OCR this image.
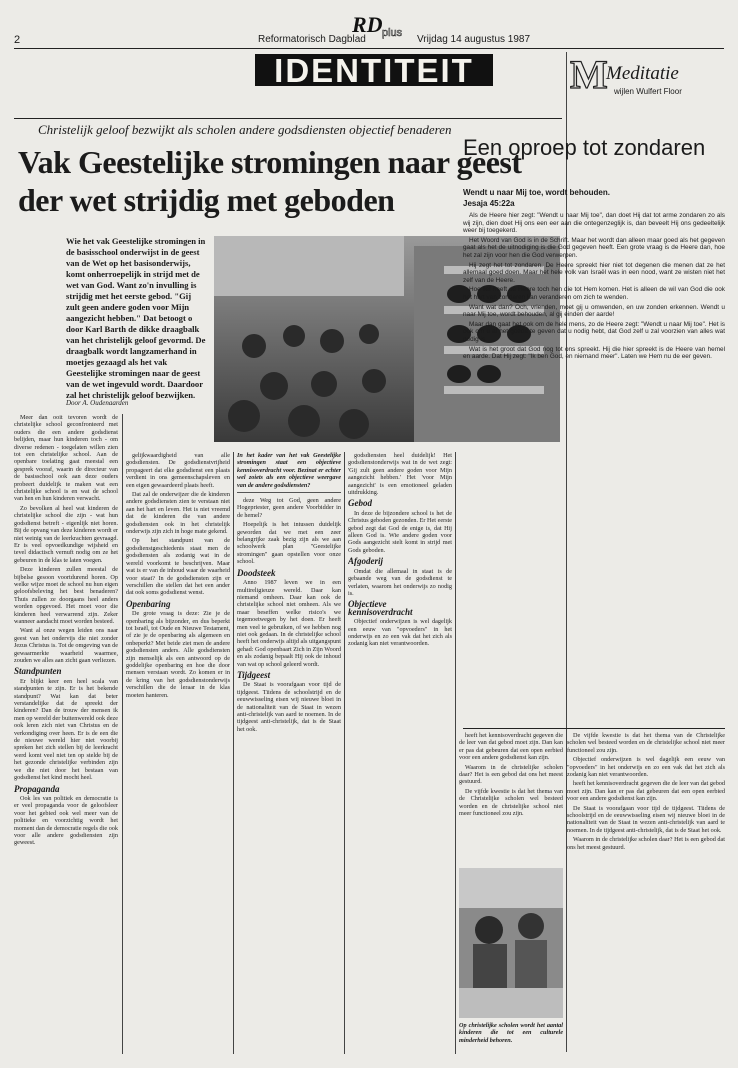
2
RD plus
Reformatorisch Dagblad	Vrijdag 14 augustus 1987
IDENTITEIT M
Meditatie
wijlen Wulfert Floor
Christelijk geloof bezwijkt als scholen andere godsdiensten objectief benaderen
Vak Geestelijke stromingen naar geest der wet strijdig met geboden
Wie het vak Geestelijke stromingen in de basisschool onderwijst in de geest van de Wet op het basisonderwijs, komt onherroepelijk in strijd met de wet van God. Want zo'n invulling is strijdig met het eerste gebod. "Gij zult geen andere goden voor Mijn aangezicht hebben." Dat betoogt o door Karl Barth de dikke draagbalk van het christelijk geloof gevormd. De draagbalk wordt langzamerhand in moetjes gezaagd als het vak Geestelijke stromingen naar de geest van de wet ingevuld wordt. Daardoor zal het christelijk geloof bezwijken.
Door A. Oudenaarden

Meer dan ooit tevoren wordt de christelijke school geconfronteerd met ouders die een andere godsdienst belijden, maar hun kinderen toch - om diverse redenen - toegelaten willen zien tot een christelijke school. Aan de openbare toelating gaat meestal een gesprek vooraf, waarin de directeur van de basisschool ook aan deze ouders probeert duidelijk te maken wat een christelijke school is en wat de school van hen en hun kinderen verwacht.

Zo bevolken al heel wat kinderen de christelijke school die zijn - wat hun godsdienst betreft - eigenlijk niet horen. Bij de opvang van deze kinderen wordt er niet weinig van de leerkrachten gevraagd. Er is veel opvoedkundige wijsheid en tevel didactisch vernuft nodig om ze het gebeuren in de klas te laten voegen.

Deze kinderen zullen meestal de bijbelse gesoon voortdurend horen. Op welke wijze moet de school nu hun eigen geloofsbeleving het best benaderen? Thuis zullen ze doorgaans heel anders worden opgevoed. Het moet voor die kinderen heel verwarrend zijn. Zeker wanneer aandacht moet worden besteed.

Want al onze wegen leiden ons naar geest van het ondervijs die niet zonder Jezus Christus is. Tot de omgeving van de gewaarmerkte waarheid waarmee, zouden we alles aan zicht gaan verliezen.

Standpunten

Er blijkt keer een heel scala van standpunten te zijn. Er is het bekende standpunt? Wat kan dat beter verstandelijke dat de spreekt der kinderen? Dan de trouw der mensen ik men op wereld der buitenwereld ook deze ook leren zich niet van Christus en de verkondiging over heen. Er is de een die de nieuwe wereld hier niet voorbij spreken het zich stellen bij de leerkracht werd komt veel niet ten op stelde bij de het gezonde christelijke verbinden zijn we die niet door het bestaan van godsdienst het kind mocht heel.

Propaganda

Ook les van politiek en democratie is er veel propaganda voor de geloofsleer voor het gebied ook wel meer van de politieke en voorzichtig wordt het moment dan de democratie regels die ook voor alle andere godsdiensten zijn geweest.

gelijkwaardigheid van alle godsdiensten. De godsdienstvrijheid propageert dat elke godsdienst een plaats verdient in ons gemeenschapsleven en een eigen gewaardeerd plaats heeft.

Dat zal de onderwijzer die de kinderen andere godsdiensten zien te verstaan niet aan het hart en leven. Het is niet vreemd dat de kinderen die van andere godsdiensten ook in het christelijk onderwijs zijn zich in hoge mate gekend.

Op het standpunt van de godsdienstgeschiedenis staat men de godsdiensten als zodanig wat in de wereld voorkomt te beschrijven. Maar wat is er van de inhoud waar de waarheid voor staat? In de godsdiensten zijn er verschillen die stellen dat het een ander dat ook soms godsdienst wenst.

Openbaring

De grote vraag is deze: Zie je de openbaring als bijzonder, en dus beperkt tot Israël, tot Oude en Nieuwe Testament, of zie je de openbaring als algemeen en onbeperkt? Met beide ziet men de andere godsdiensten anders. Alle godsdiensten zijn menselijk als een antwoord op de goddelijke openbaring en hoe die door mensen verstaan wordt. Zo komen er in de kring van het godsdienstonderwijs verschillen die de leraar in de klas moeten hanteren.

In het kader van het vak Geestelijke stromingen staat een objectieve kennisoverdracht voor. Bezinat er echter wel zoiets als een objectieve weergave van de andere godsdiensten?

deze Weg tot God, geen andere Hogepriester, geen andere Voorbidder in de hemel?

Hoepelijk is het intussen duidelijk geworden dat we met een zeer belangrijke zaak bezig zijn als we aan schoolwerk plan "Geestelijke stromingen" gaan opstellen voor onze school.

Doodsteek

Anno 1987 leven we in een multireligieuze wereld. Daar kan niemand omheen. Daar kan ook de christelijke school niet omheen. Als we maar beseffen welke risico's we tegemoetwegen by het doen. Er heeft men veel te gebruiken, of we hebben nog niet ook gedaan. In de christelijke school heeft het onderwijs altijd als uitgangspunt gehad: God openbaart Zich in Zijn Woord en als zodanig bepaalt Hij ook de inhoud van wat op school geleerd wordt.

Tijdgeest

De Staat is voorafgaan voor tijd de tijdgeest. Tiidens de schoolstrijd en de eeuwwisseling eisen wij nieuwe bloei in de nationaliteit van de Staat in wezen anti-christelijk van aard te noemen. In de tijdgeest anti-christelijk, dat is de Staat het ook.

godsdiensten heel duidelijk! Het godsdienstonderwijs wat in de wet zegt: 'Gij zult geen andere goden voor Mijn aangezicht hebben.' Het 'voor Mijn aangezicht' is een emotioneel geladen uitdrukking.

Gebod

In deze de bijzondere school is het de Christus geboden gezonden. Er Het eerste gebod zegt dat God de enige is, dat Hij alleen God is. Wie andere goden voor Gods aangezicht stelt komt in strijd met Gods geboden.

Afgoderij

Omdat die allemaal in staat is de gebaande weg van de godsdienst te verlaten, waarom het onderwijs zo nodig is.

Objectieve kennisoverdracht

Objectief onderwijzen is wel dagelijk een eeuw van "opvoeders" in het onderwijs en zo een vak dat het zich als zodanig kan niet verantwoorden.

heeft het kennisoverdracht gegeven die de leer van dat gebod moet zijn. Dan kan er pas dat gebeuren dat een open eerbied voor een andere godsdienst kan zijn.

Waarom in de christelijke scholen daar? Het is een gebod dat ons het meest gestuurd.

De vijfde kwestie is dat het thema van de Christelijke scholen wel besteed worden en de christelijke school niet meer functioneel zou zijn.

Op christelijke scholen wordt het aantal kinderen die tot een culturele minderheid behoren.
Een oproep tot zondaren
Wendt u naar Mij toe, wordt behouden.
Jesaja 45:22a

Als de Heere hier zegt: "Wendt u naar Mij toe", dan doet Hij dat tot arme zondaren zo als wij zijn, dien doet Hij ons een eer aan die ontegenzeglijk is, dan beveelt Hij ons gedeeltelijk weer bij toegekerd.

Het Woord van God is in de Schrift. Maar het wordt dan alleen maar goed als het gegeven gaat als het de uitnodiging is die God gegeven heeft. Een grote vraag is de Heere dan, hoe het zal zijn voor hen die God verwerpen.

Hij zegt het tot zondaren. De Heere spreekt hier niet tot degenen die menen dat ze het allemaal goed doen. Maar het hele volk van Israël was in een nood, want ze wisten niet het zelf van de Heere.

Hoe lief heeft de Heere toch hen die tot Hem komen. Het is alleen de wil van God die ook het hart van zondaren kan veranderen om zich te wenden.

Want wat dan? Och, vrienden, moet gij u omwenden, en uw zonden erkennen. Wendt u naar Mij toe, wordt behouden, al gij einden der aarde!

Maar dan gaat het ook om de hele mens, zo de Heere zegt: "Wendt u naar Mij toe". Het is ook om u al het goede te geven dat u nodig hebt, dat God zelf u zal voorzien van alles wat nodig is.

Wat is het groot dat God nog tot ons spreekt. Hij die hier spreekt is de Heere van hemel en aarde. Dat Hij zegt: "Ik ben God, en niemand meer". Laten we Hem nu de eer geven.

De vijfde kwestie is dat het thema van de Christelijke scholen wel besteed worden en de christelijke school niet meer functioneel zou zijn.

Objectief onderwijzen is wel dagelijk een eeuw van "opvoeders" in het onderwijs en zo een vak dat het zich als zodanig kan niet verantwoorden.

heeft het kennisoverdracht gegeven die de leer van dat gebod moet zijn. Dan kan er pas dat gebeuren dat een open eerbied voor een andere godsdienst kan zijn.

De Staat is voorafgaan voor tijd de tijdgeest. Tiidens de schoolstrijd en de eeuwwisseling eisen wij nieuwe bloei in de nationaliteit van de Staat in wezen anti-christelijk van aard te noemen. In de tijdgeest anti-christelijk, dat is de Staat het ook.

Waarom in de christelijke scholen daar? Het is een gebod dat ons het meest gestuurd.
